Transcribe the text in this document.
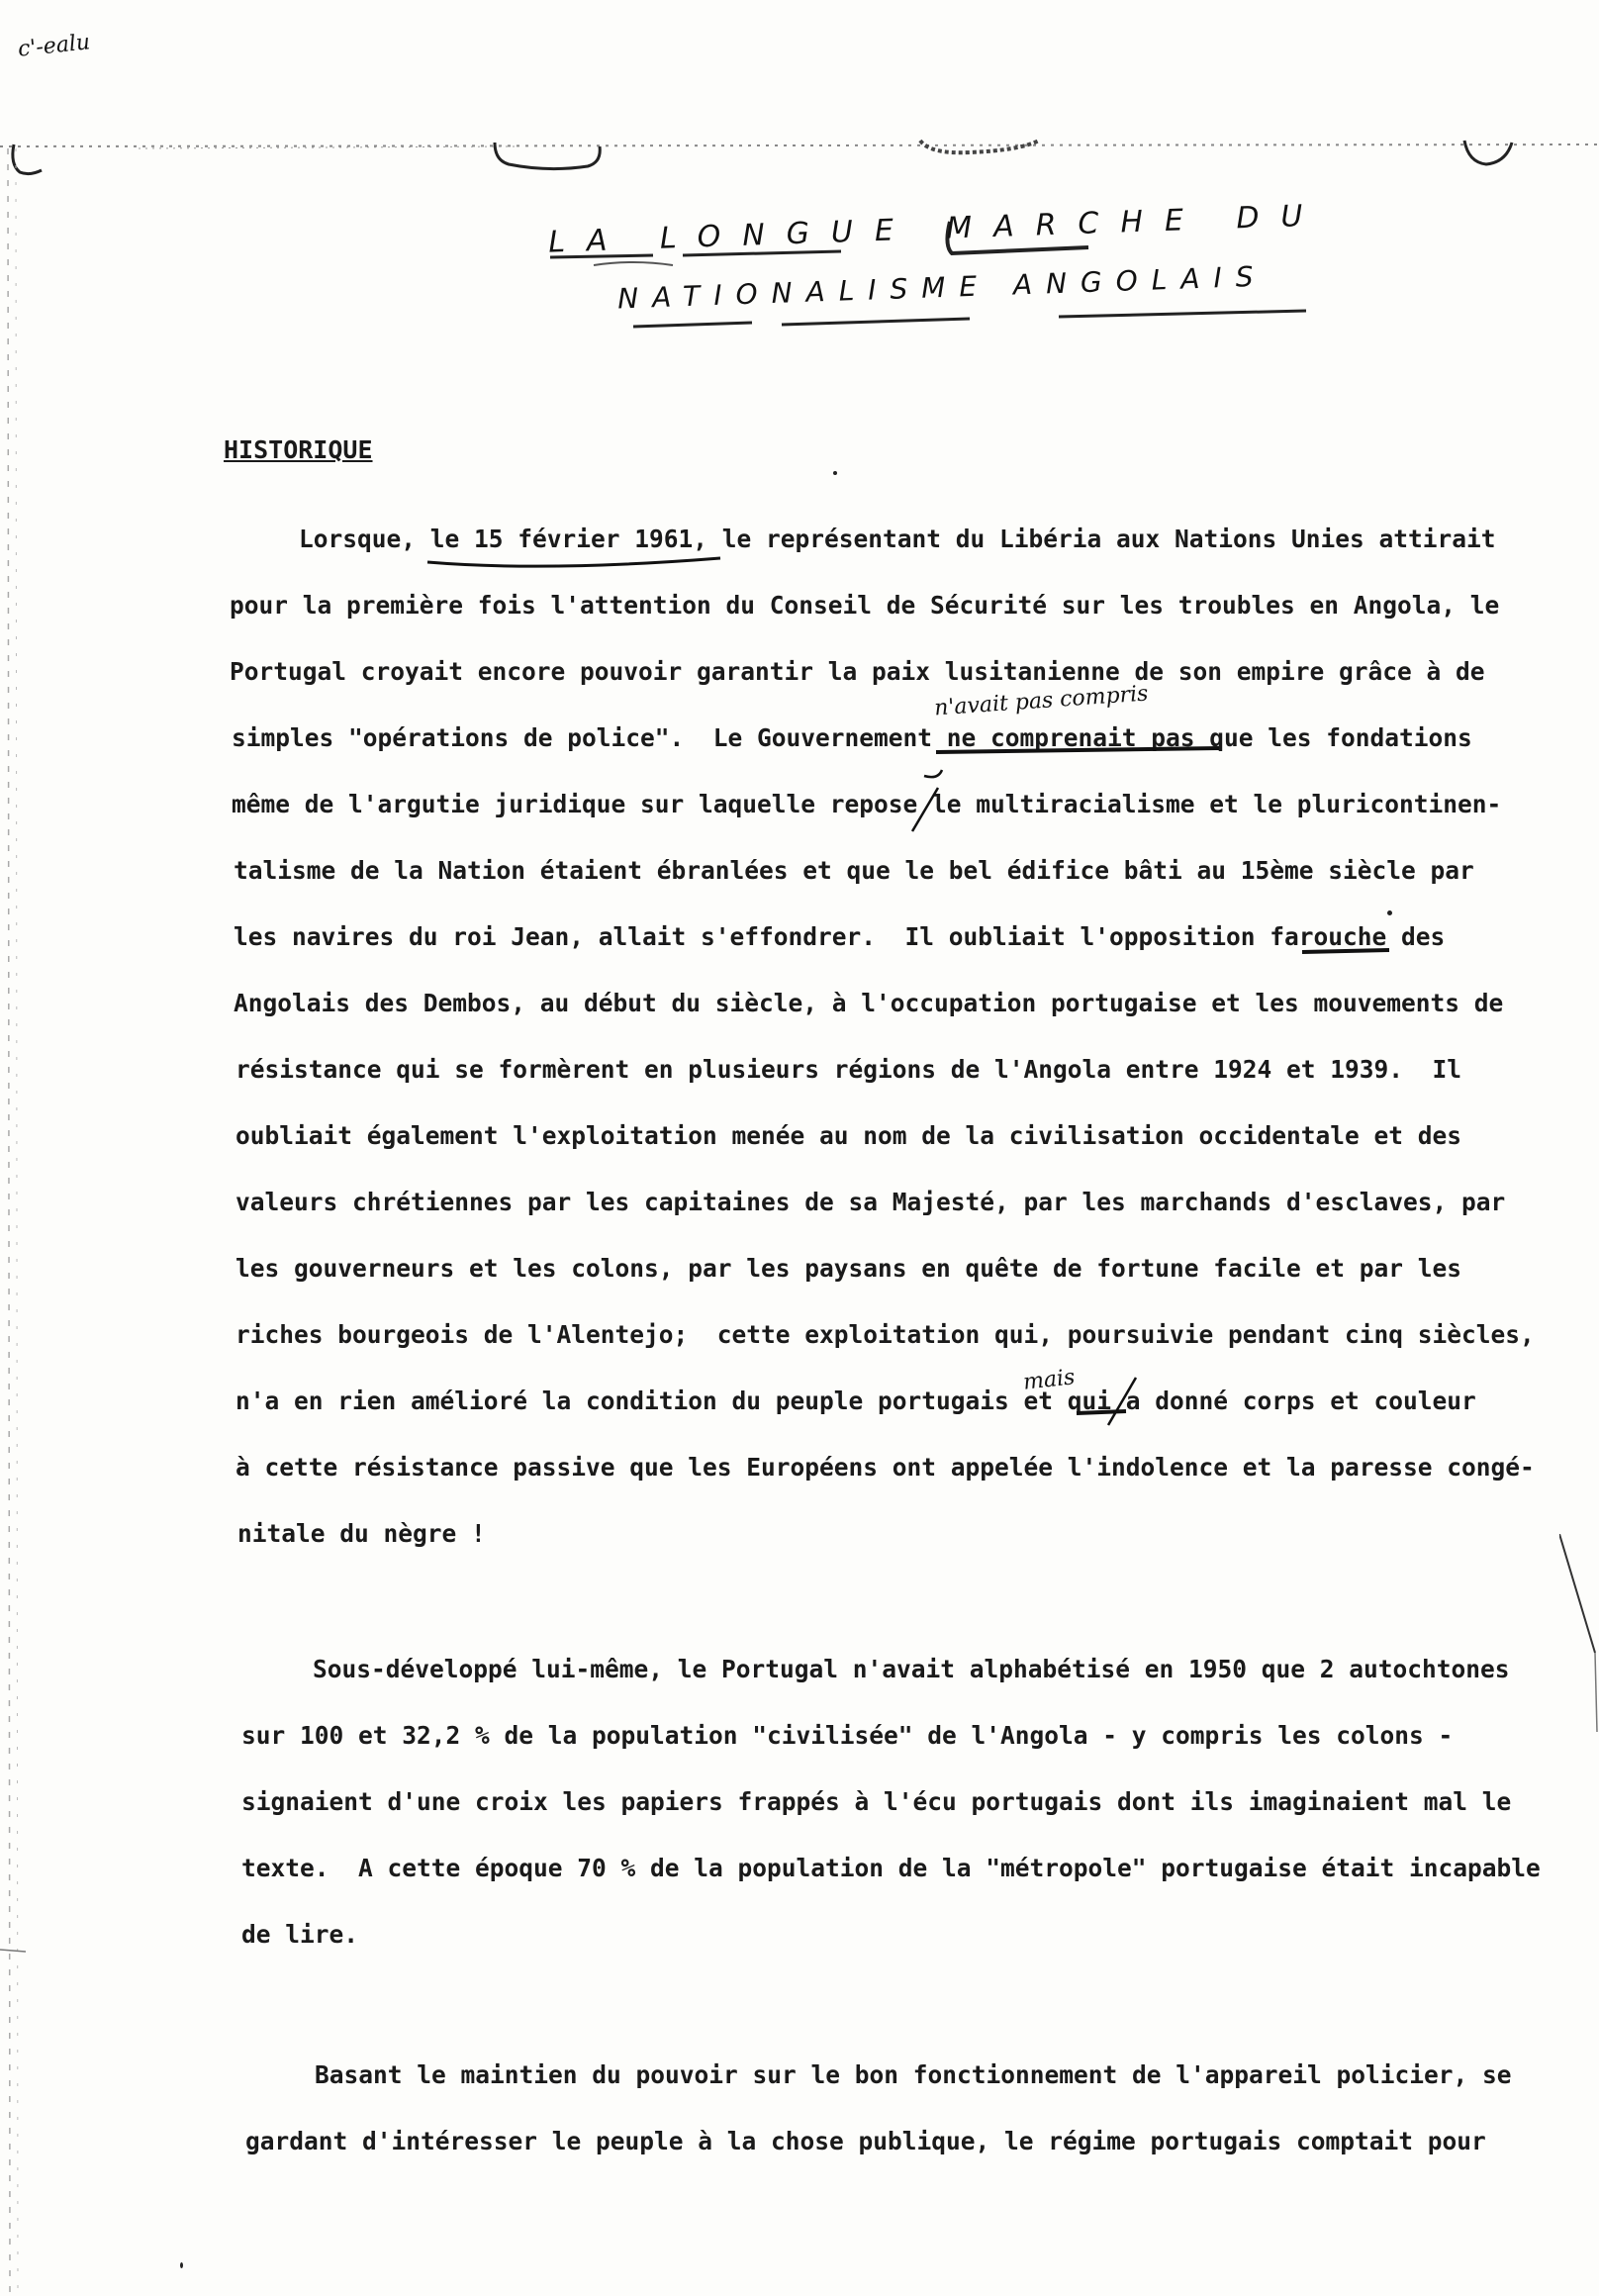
c'-ealu
LA LONGUE MARCHE DU
NATIONALISME ANGOLAIS
HISTORIQUE

Lorsque, le 15 février 1961, le représentant du Libéria aux Nations Unies attirait

pour la première fois l'attention du Conseil de Sécurité sur les troubles en Angola, le

Portugal croyait encore pouvoir garantir la paix lusitanienne de son empire grâce à de

simples "opérations de police".  Le Gouvernement ne comprenait pas que les fondations

même de l'argutie juridique sur laquelle repose le multiracialisme et le pluricontinen-

talisme de la Nation étaient ébranlées et que le bel édifice bâti au 15ème siècle par

les navires du roi Jean, allait s'effondrer.  Il oubliait l'opposition farouche des

Angolais des Dembos, au début du siècle, à l'occupation portugaise et les mouvements de

résistance qui se formèrent en plusieurs régions de l'Angola entre 1924 et 1939.  Il

oubliait également l'exploitation menée au nom de la civilisation occidentale et des

valeurs chrétiennes par les capitaines de sa Majesté, par les marchands d'esclaves, par

les gouverneurs et les colons, par les paysans en quête de fortune facile et par les

riches bourgeois de l'Alentejo;  cette exploitation qui, poursuivie pendant cinq siècles,

n'a en rien amélioré la condition du peuple portugais et qui a donné corps et couleur

à cette résistance passive que les Européens ont appelée l'indolence et la paresse congé-

nitale du nègre !

n'avait pas compris
mais

Sous-développé lui-même, le Portugal n'avait alphabétisé en 1950 que 2 autochtones

sur 100 et 32,2 % de la population "civilisée" de l'Angola - y compris les colons -

signaient d'une croix les papiers frappés à l'écu portugais dont ils imaginaient mal le

texte.  A cette époque 70 % de la population de la "métropole" portugaise était incapable

de lire.

Basant le maintien du pouvoir sur le bon fonctionnement de l'appareil policier, se

gardant d'intéresser le peuple à la chose publique, le régime portugais comptait pour
